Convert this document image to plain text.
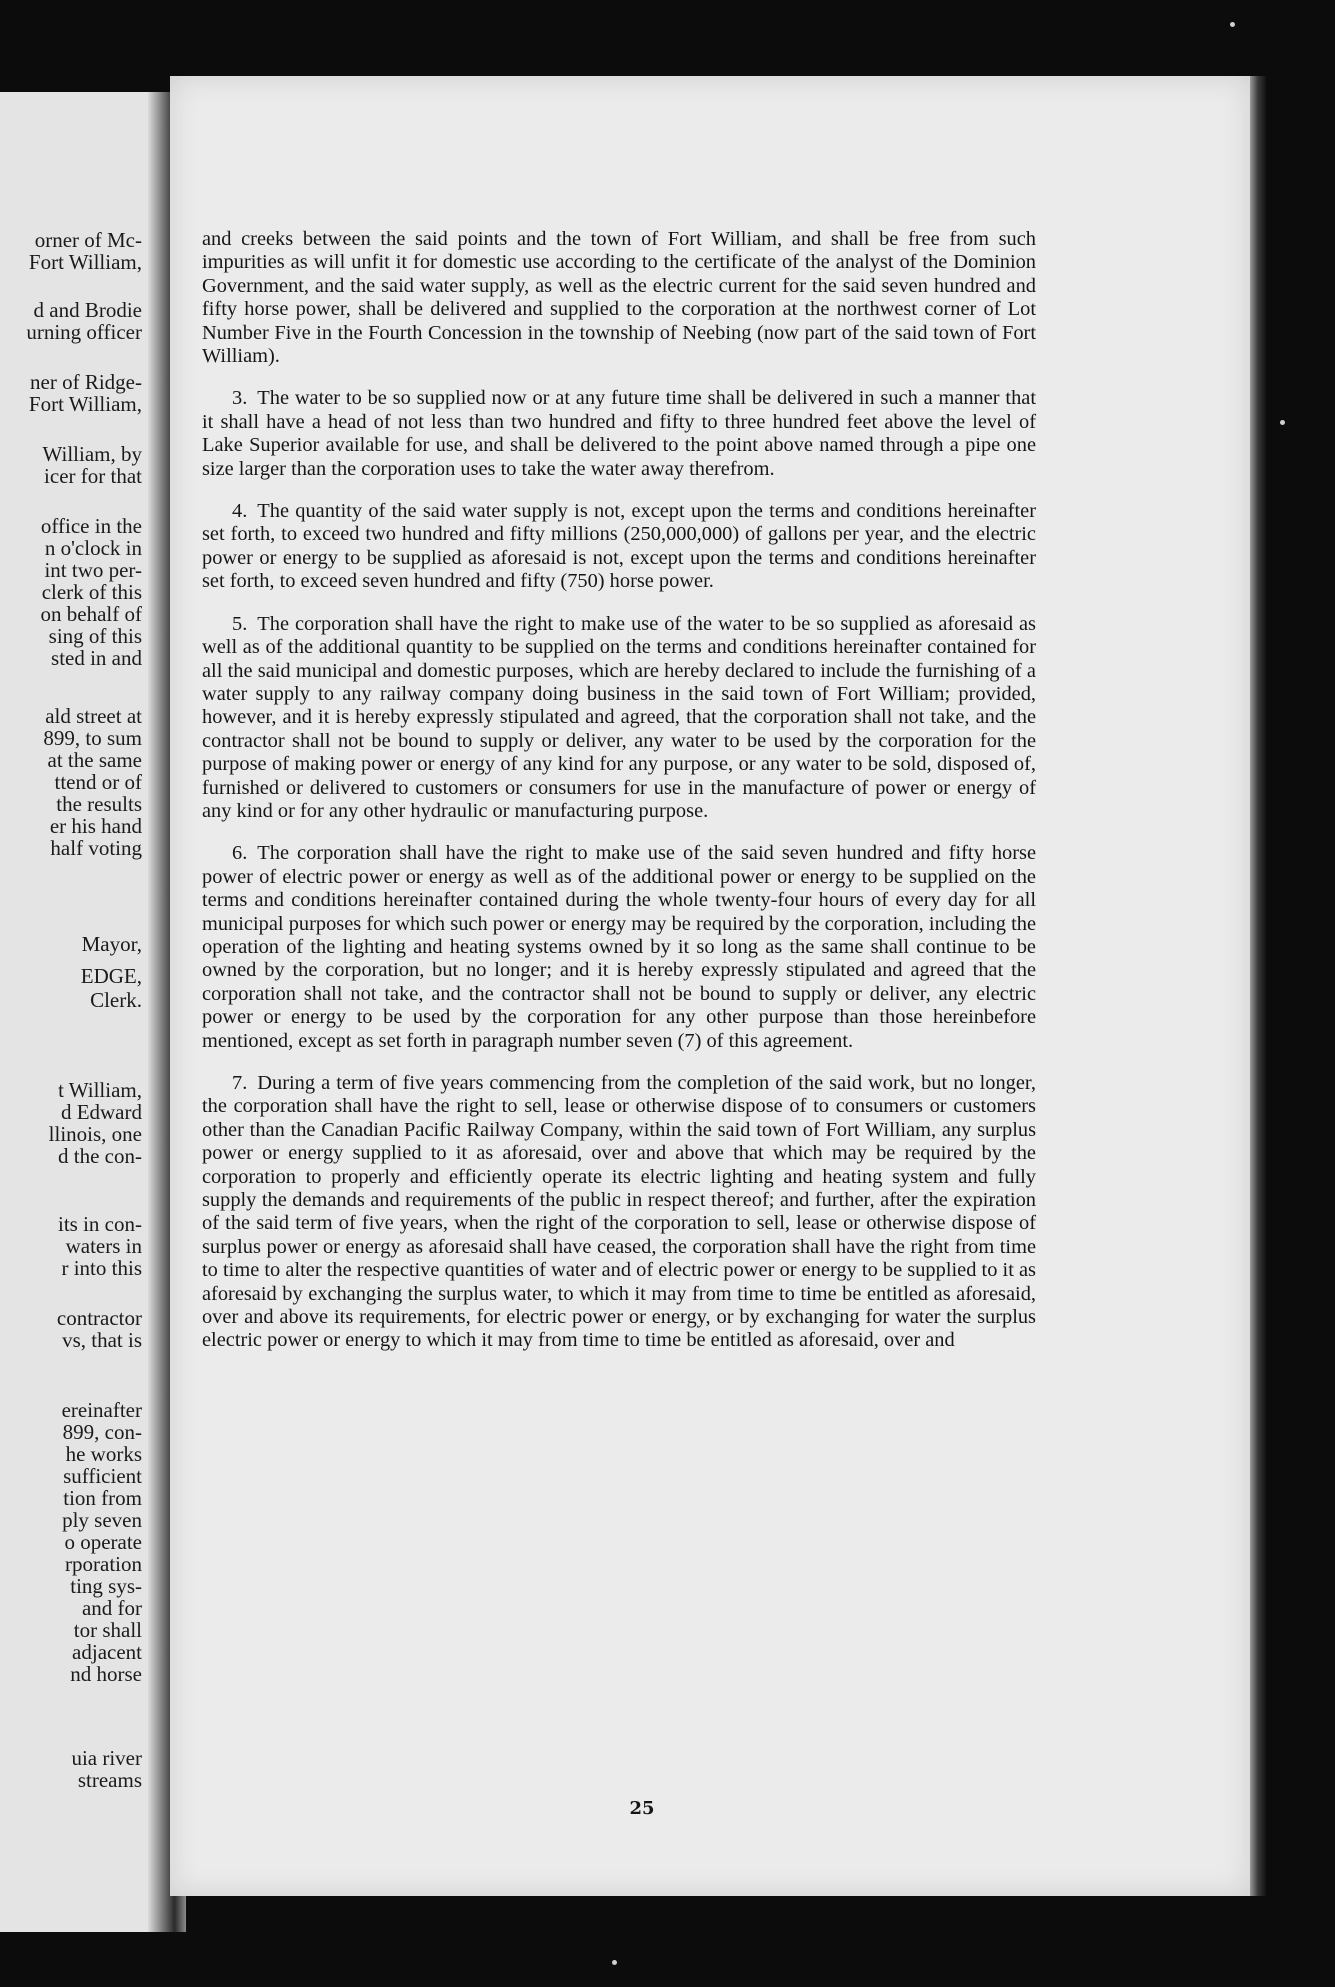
orner of Mc-
Fort William,
d and Brodie
urning officer
ner of Ridge-
Fort William,
William, by
icer for that
office in the
n o'clock in
int two per-
clerk of this
on behalf of
sing of this
sted in and
ald street at
899, to sum
at the same
ttend or of
the results
er his hand
half voting
Mayor,
EDGE,
Clerk.
t William,
d Edward
llinois, one
d the con-
its in con-
waters in
r into this
contractor
vs, that is
ereinafter
899, con-
he works
sufficient
tion from
ply seven
o operate
rporation
ting sys-
and for
tor shall
adjacent
nd horse
uia river
streams

and creeks between the said points and the town of Fort William, and shall be free from such impurities as will unfit it for domestic use according to the certificate of the analyst of the Dominion Government, and the said water supply, as well as the electric current for the said seven hundred and fifty horse power, shall be delivered and supplied to the corporation at the northwest corner of Lot Number Five in the Fourth Concession in the township of Neebing (now part of the said town of Fort William).

3. The water to be so supplied now or at any future time shall be delivered in such a manner that it shall have a head of not less than two hundred and fifty to three hundred feet above the level of Lake Superior available for use, and shall be delivered to the point above named through a pipe one size larger than the corporation uses to take the water away therefrom.

4. The quantity of the said water supply is not, except upon the terms and conditions hereinafter set forth, to exceed two hundred and fifty millions (250,000,000) of gallons per year, and the electric power or energy to be supplied as aforesaid is not, except upon the terms and conditions hereinafter set forth, to exceed seven hundred and fifty (750) horse power.

5. The corporation shall have the right to make use of the water to be so supplied as aforesaid as well as of the additional quantity to be supplied on the terms and conditions hereinafter contained for all the said municipal and domestic purposes, which are hereby declared to include the furnishing of a water supply to any railway company doing business in the said town of Fort William; provided, however, and it is hereby expressly stipulated and agreed, that the corporation shall not take, and the contractor shall not be bound to supply or deliver, any water to be used by the corporation for the purpose of making power or energy of any kind for any purpose, or any water to be sold, disposed of, furnished or delivered to customers or consumers for use in the manufacture of power or energy of any kind or for any other hydraulic or manufacturing purpose.

6. The corporation shall have the right to make use of the said seven hundred and fifty horse power of electric power or energy as well as of the additional power or energy to be supplied on the terms and conditions hereinafter contained during the whole twenty-four hours of every day for all municipal purposes for which such power or energy may be required by the corporation, including the operation of the lighting and heating systems owned by it so long as the same shall continue to be owned by the corporation, but no longer; and it is hereby expressly stipulated and agreed that the corporation shall not take, and the contractor shall not be bound to supply or deliver, any electric power or energy to be used by the corporation for any other purpose than those hereinbefore mentioned, except as set forth in paragraph number seven (7) of this agreement.

7. During a term of five years commencing from the completion of the said work, but no longer, the corporation shall have the right to sell, lease or otherwise dispose of to consumers or customers other than the Canadian Pacific Railway Company, within the said town of Fort William, any surplus power or energy supplied to it as aforesaid, over and above that which may be required by the corporation to properly and efficiently operate its electric lighting and heating system and fully supply the demands and requirements of the public in respect thereof; and further, after the expiration of the said term of five years, when the right of the corporation to sell, lease or otherwise dispose of surplus power or energy as aforesaid shall have ceased, the corporation shall have the right from time to time to alter the respective quantities of water and of electric power or energy to be supplied to it as aforesaid by exchanging the surplus water, to which it may from time to time be entitled as aforesaid, over and above its requirements, for electric power or energy, or by exchanging for water the surplus electric power or energy to which it may from time to time be entitled as aforesaid, over and

25
